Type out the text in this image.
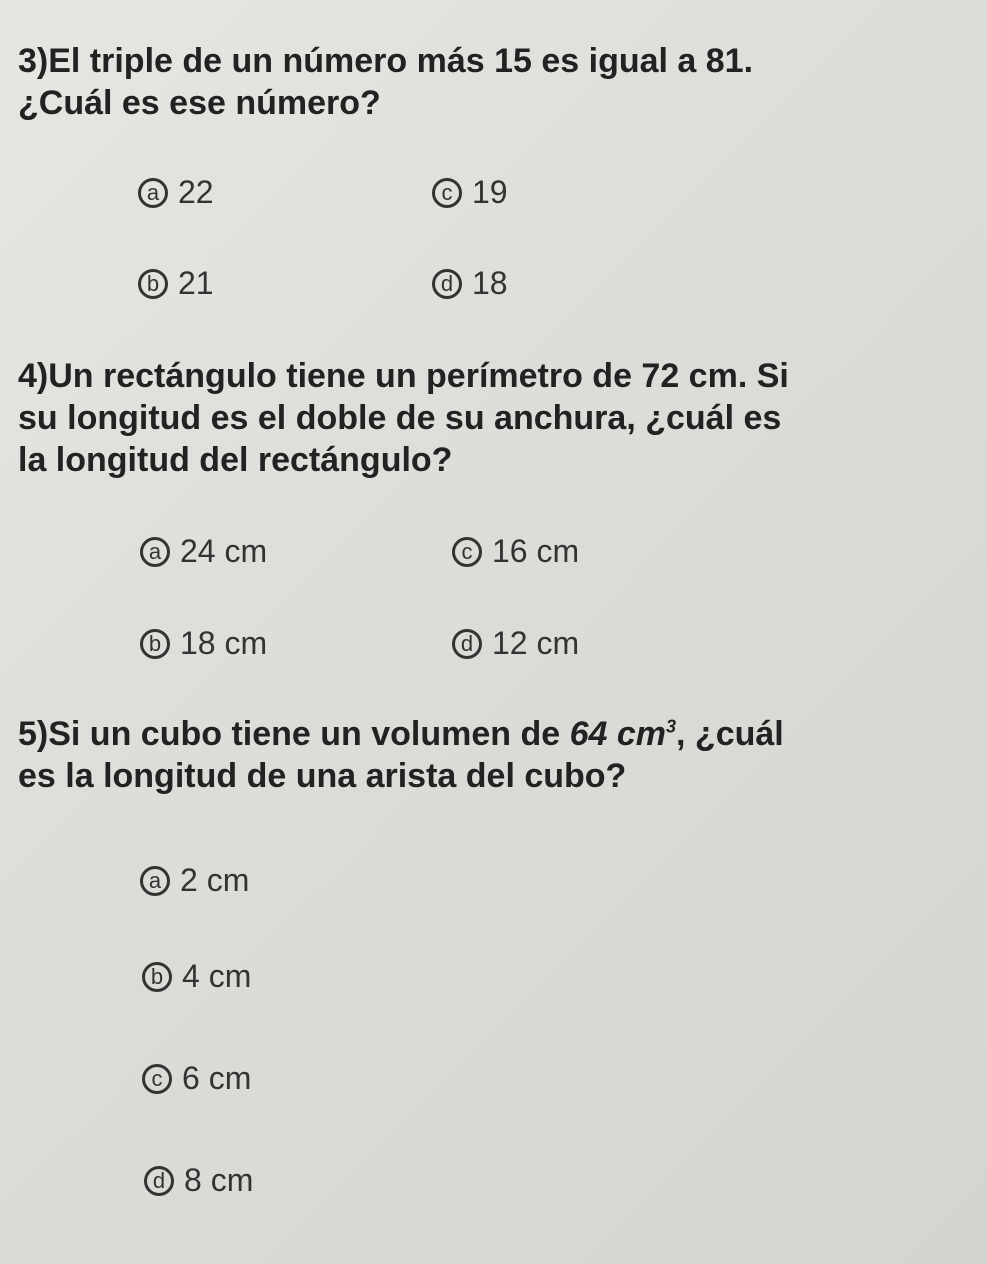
3)El triple de un número más 15 es igual a 81.
¿Cuál es ese número?
a 22	c 19
b 21	d 18
4)Un rectángulo tiene un perímetro de 72 cm. Si
su longitud es el doble de su anchura, ¿cuál es
la longitud del rectángulo?
a 24 cm	c 16 cm
b 18 cm	d 12 cm
5)Si un cubo tiene un volumen de 64 $cm^3$, ¿cuál
es la longitud de una arista del cubo?
a 2 cm
b 4 cm
c 6 cm
d 8 cm
